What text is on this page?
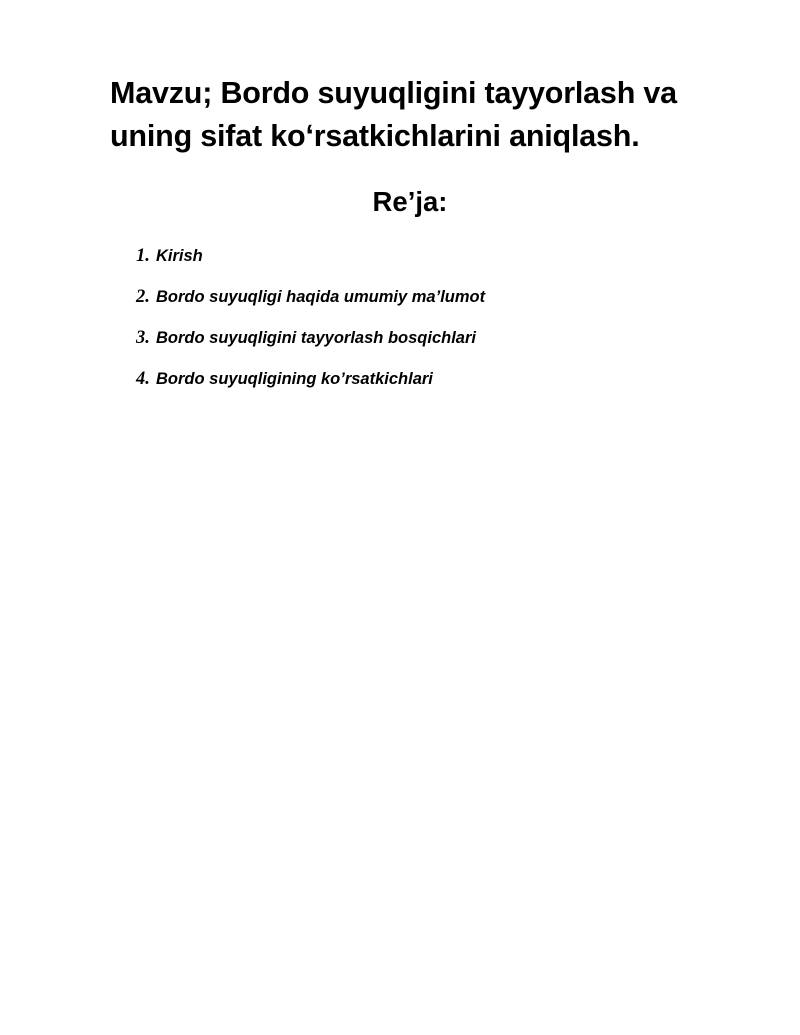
Mavzu; Bordo suyuqligini tayyorlash va uning sifat koʻrsatkichlarini aniqlash.
Re’ja:
1. Kirish
2. Bordo suyuqligi haqida umumiy ma’lumot
3. Bordo suyuqligini tayyorlash bosqichlari
4. Bordo suyuqligining ko’rsatkichlari
